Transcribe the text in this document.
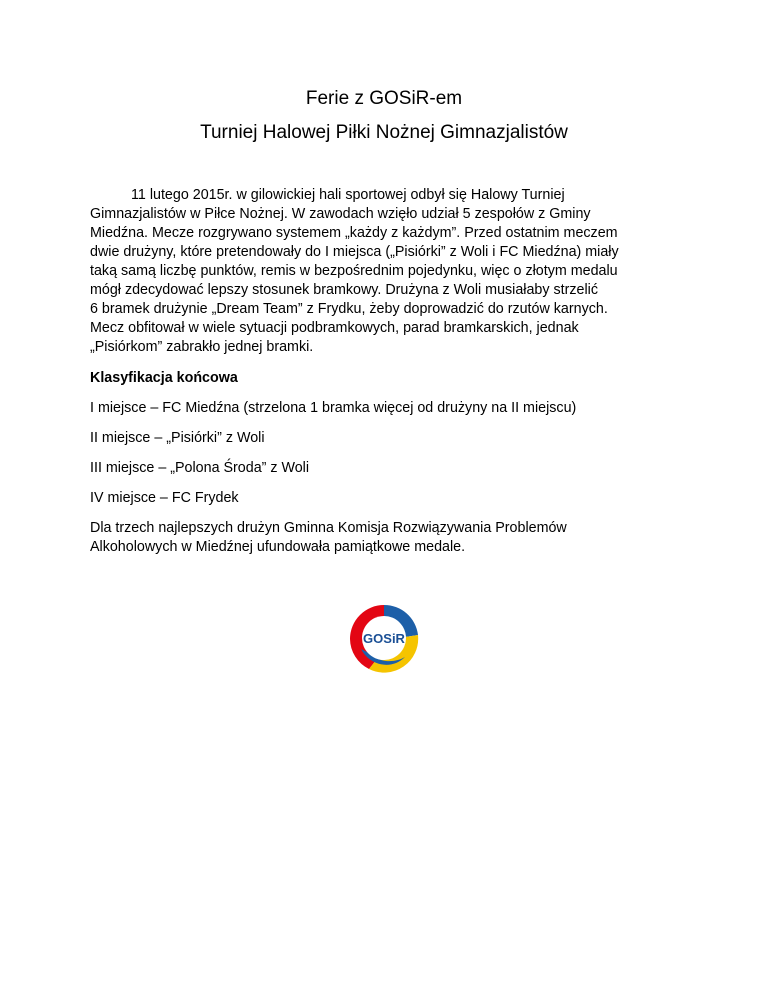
Ferie z GOSiR-em
Turniej Halowej Piłki Nożnej Gimnazjalistów

11 lutego 2015r. w gilowickiej hali sportowej odbył się Halowy Turniej
Gimnazjalistów w Piłce Nożnej. W zawodach wzięło udział 5 zespołów z Gminy
Miedźna. Mecze rozgrywano systemem „każdy z każdym”. Przed ostatnim meczem
dwie drużyny, które pretendowały do I miejsca („Pisiórki” z Woli i FC Miedźna) miały
taką samą liczbę punktów, remis w bezpośrednim pojedynku, więc o złotym medalu
mógł zdecydować lepszy stosunek bramkowy. Drużyna z Woli musiałaby strzelić
6 bramek drużynie „Dream Team” z Frydku, żeby doprowadzić do rzutów karnych.
Mecz obfitował w wiele sytuacji podbramkowych, parad bramkarskich, jednak
„Pisiórkom” zabrakło jednej bramki.

Klasyfikacja końcowa

I miejsce – FC Miedźna (strzelona 1 bramka więcej od drużyny na II miejscu)

II miejsce – „Pisiórki” z Woli

III miejsce – „Polona Środa” z Woli

IV miejsce – FC Frydek

Dla trzech najlepszych drużyn Gminna Komisja Rozwiązywania Problemów
Alkoholowych w Miedźnej ufundowała pamiątkowe medale.

GOSiR
